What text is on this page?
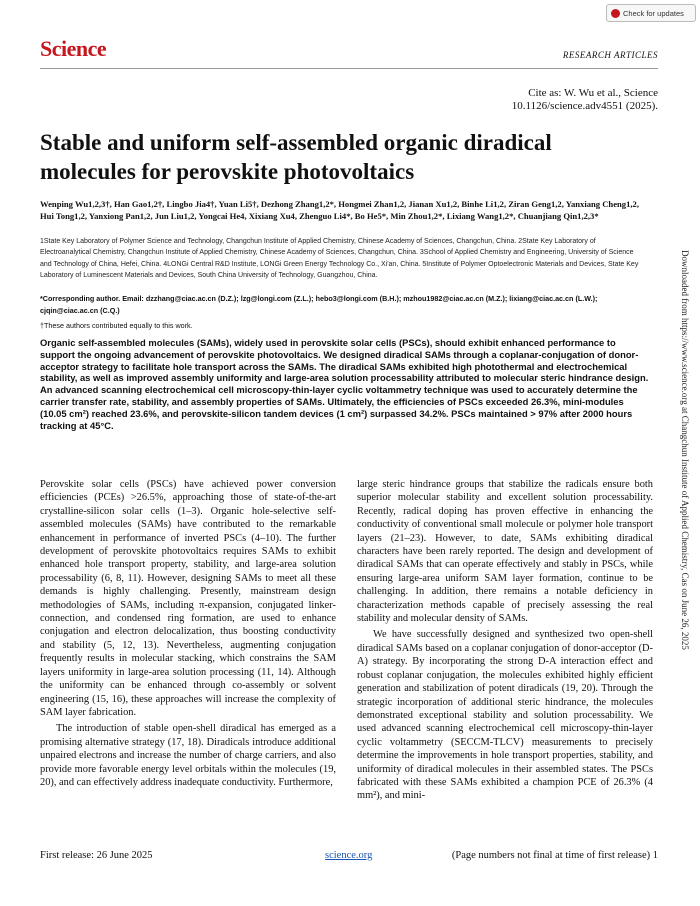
Check for updates
Science	RESEARCH ARTICLES
Cite as: W. Wu et al., Science
10.1126/science.adv4551 (2025).
Stable and uniform self-assembled organic diradical molecules for perovskite photovoltaics
Wenping Wu1,2,3†, Han Gao1,2†, Lingbo Jia4†, Yuan Li5†, Dezhong Zhang1,2*, Hongmei Zhan1,2, Jianan Xu1,2, Binhe Li1,2, Ziran Geng1,2, Yanxiang Cheng1,2, Hui Tong1,2, Yanxiong Pan1,2, Jun Liu1,2, Yongcai He4, Xixiang Xu4, Zhenguo Li4*, Bo He5*, Min Zhou1,2*, Lixiang Wang1,2*, Chuanjiang Qin1,2,3*
1State Key Laboratory of Polymer Science and Technology, Changchun Institute of Applied Chemistry, Chinese Academy of Sciences, Changchun, China. 2State Key Laboratory of Electroanalytical Chemistry, Changchun Institute of Applied Chemistry, Chinese Academy of Sciences, Changchun, China. 3School of Applied Chemistry and Engineering, University of Science and Technology of China, Hefei, China. 4LONGi Central R&D Institute, LONGi Green Energy Technology Co., Xi'an, China. 5Institute of Polymer Optoelectronic Materials and Devices, State Key Laboratory of Luminescent Materials and Devices, South China University of Technology, Guangzhou, China.
*Corresponding author. Email: dzzhang@ciac.ac.cn (D.Z.); lzg@longi.com (Z.L.); hebo3@longi.com (B.H.); mzhou1982@ciac.ac.cn (M.Z.); lixiang@ciac.ac.cn (L.W.); cjqin@ciac.ac.cn (C.Q.)
†These authors contributed equally to this work.
Organic self-assembled molecules (SAMs), widely used in perovskite solar cells (PSCs), should exhibit enhanced performance to support the ongoing advancement of perovskite photovoltaics. We designed diradical SAMs through a coplanar-conjugation of donor-acceptor strategy to facilitate hole transport across the SAMs. The diradical SAMs exhibited high photothermal and electrochemical stability, as well as improved assembly uniformity and large-area solution processability attributed to molecular steric hindrance design. An advanced scanning electrochemical cell microscopy-thin-layer cyclic voltammetry technique was used to accurately determine the carrier transfer rate, stability, and assembly properties of SAMs. Ultimately, the efficiencies of PSCs exceeded 26.3%, mini-modules (10.05 cm²) reached 23.6%, and perovskite-silicon tandem devices (1 cm²) surpassed 34.2%. PSCs maintained > 97% after 2000 hours tracking at 45°C.

Perovskite solar cells (PSCs) have achieved power conversion efficiencies (PCEs) >26.5%, approaching those of state-of-the-art crystalline-silicon solar cells (1–3). Organic hole-selective self-assembled molecules (SAMs) have contributed to the remarkable enhancement in performance of inverted PSCs (4–10). The further development of perovskite photovoltaics requires SAMs to exhibit enhanced hole transport property, stability, and large-area solution processability (6, 8, 11). However, designing SAMs to meet all these demands is highly challenging. Presently, mainstream design methodologies of SAMs, including π-expansion, conjugated linker-connection, and condensed ring formation, are used to enhance conjugation and electron delocalization, thus boosting conductivity and stability (5, 12, 13). Nevertheless, augmenting conjugation frequently results in molecular stacking, which constrains the SAM layers uniformity in large-area solution processing (11, 14). Although the uniformity can be enhanced through co-assembly or solvent engineering (15, 16), these approaches will increase the complexity of SAM layer fabrication.

The introduction of stable open-shell diradical has emerged as a promising alternative strategy (17, 18). Diradicals introduce additional unpaired electrons and increase the number of charge carriers, and also provide more favorable energy level orbitals within the molecules (19, 20), and can effectively address inadequate conductivity. Furthermore,

large steric hindrance groups that stabilize the radicals ensure both superior molecular stability and excellent solution processability. Recently, radical doping has proven effective in enhancing the conductivity of conventional small molecule or polymer hole transport layers (21–23). However, to date, SAMs exhibiting diradical characters have been rarely reported. The design and development of diradical SAMs that can operate effectively and stably in PSCs, while ensuring large-area uniform SAM layer formation, continue to be challenging. In addition, there remains a notable deficiency in characterization methods capable of precisely assessing the real stability and molecular density of SAMs.

We have successfully designed and synthesized two open-shell diradical SAMs based on a coplanar conjugation of donor-acceptor (D-A) strategy. By incorporating the strong D-A interaction effect and robust coplanar conjugation, the molecules exhibited highly efficient generation and stabilization of potent diradicals (19, 20). Through the strategic incorporation of additional steric hindrance, the molecules demonstrated exceptional stability and solution processability. We used advanced scanning electrochemical cell microscopy-thin-layer cyclic voltammetry (SECCM-TLCV) measurements to precisely determine the improvements in hole transport properties, stability, and uniformity of diradical molecules in their assembled states. The PSCs fabricated with these SAMs exhibited a champion PCE of 26.3% (4 mm²), and mini-

First release: 26 June 2025	science.org	(Page numbers not final at time of first release) 1
Downloaded from https://www.science.org at Changchun Institute of Applied Chemistry, Cas on June 26, 2025
